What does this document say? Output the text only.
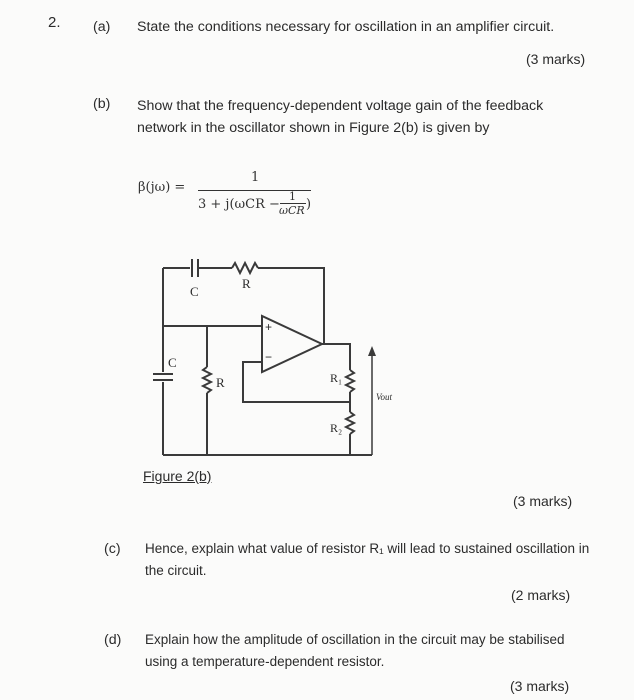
2. (a) State the conditions necessary for oscillation in an amplifier circuit.
(3 marks)
(b) Show that the frequency-dependent voltage gain of the feedback network in the oscillator shown in Figure 2(b) is given by
β(jω) =
1
3 + j(ωCR −
1
ωCR )
C
R
C
R	R₁
R₂
Vout
+
−
Figure 2(b)
(3 marks)
(c) Hence, explain what value of resistor R₁ will lead to sustained oscillation in the circuit.
(2 marks)
(d) Explain how the amplitude of oscillation in the circuit may be stabilised using a temperature-dependent resistor.
(3 marks)
